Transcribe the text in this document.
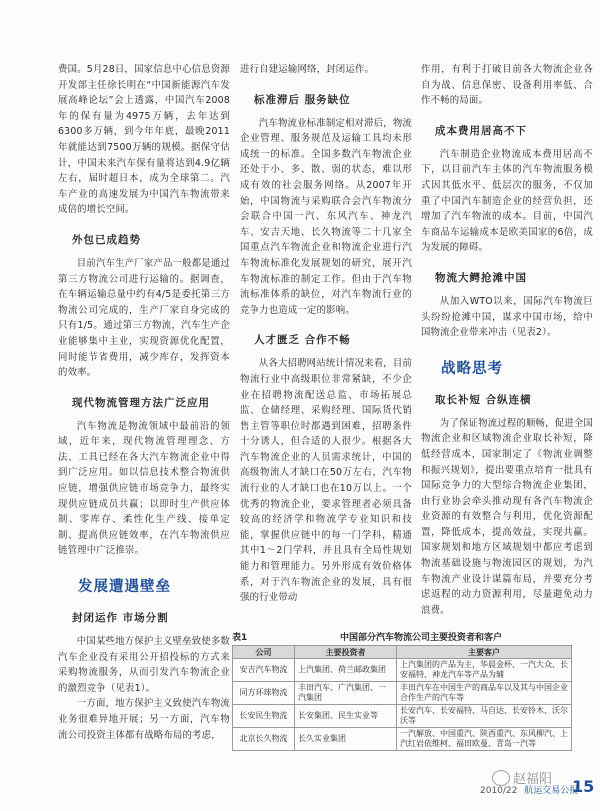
费国。5月28日，国家信息中心信息资源开发部主任徐长明在“中国新能源汽车发展高峰论坛”会上透露，中国汽车2008年的保有量为4975万辆，去年达到6300多万辆，到今年年底，最晚2011年就能达到7500万辆的规模。据保守估计，中国未来汽车保有量将达到4.9亿辆左右，届时超日本，成为全球第二。汽车产业的高速发展为中国汽车物流带来成倍的增长空间。

外包已成趋势

目前汽车生产厂家产品一般都是通过第三方物流公司进行运输的。据调查，在车辆运输总量中约有4/5是委托第三方物流公司完成的，生产厂家自身完成的只有1/5。通过第三方物流，汽车生产企业能够集中主业，实现资源优化配置，同时能节省费用，减少库存，发挥资本的效率。

现代物流管理方法广泛应用

汽车物流是物流领域中最前沿的领域，近年来，现代物流管理理念、方法、工具已经在各大汽车物流企业中得到广泛应用。如以信息技术整合物流供应链，增强供应链市场竞争力，最终实现供应链成员共赢；以即时生产供应体制、零库存、柔性化生产线、接单定制、提高供应链效率，在汽车物流供应链管理中广泛推崇。

发展遭遇壁垒
封闭运作 市场分割

中国某些地方保护主义壁垒致使多数汽车企业没有采用公开招投标的方式来采购物流服务，从而引发汽车物流企业的激烈竞争（见表1）。

一方面，地方保护主义致使汽车物流业务很难异地开展；另一方面，汽车物流公司投资主体都有战略布局的考虑，

进行自建运输网络，封闭运作。

标准滞后 服务缺位

汽车物流业标准制定相对滞后，物流企业管理、服务规范及运输工具均未形成统一的标准。全国多数汽车物流企业还处于小、多、散、弱的状态，难以形成有效的社会服务网络。从2007年开始，中国物流与采购联合会汽车物流分会联合中国一汽、东风汽车、神龙汽车、安吉天地、长久物流等二十几家全国重点汽车物流企业和物流企业进行汽车物流标准化发展规划的研究，展开汽车物流标准的制定工作。但由于汽车物流标准体系的缺位，对汽车物流行业的竞争力也造成一定的影响。

人才匮乏 合作不畅

从各大招聘网站统计情况来看，目前物流行业中高级职位非常紧缺，不少企业在招聘物流配送总监、市场拓展总监、仓储经理、采购经理、国际货代销售主管等职位时都遇到困难，招聘条件十分诱人，但合适的人很少。根据各大汽车物流企业的人员需求统计，中国的高级物流人才缺口在50万左右，汽车物流行业的人才缺口也在10万以上。一个优秀的物流企业，要求管理者必须具备较高的经济学和物流学专业知识和技能，掌握供应链中的每一门学科，精通其中1～2门学科，并且具有全局性规划能力和管理能力。另外形成有效价格体系，对于汽车物流企业的发展，具有很强的行业带动

作用，有利于打破目前各大物流企业各自为战、信息保密、设备利用率低、合作不畅的局面。

成本费用居高不下

汽车制造企业物流成本费用居高不下，以目前汽车主体的汽车物流服务模式因其低水平、低层次的服务，不仅加重了中国汽车制造企业的经营负担，还增加了汽车物流的成本。目前，中国汽车商品车运输成本是欧美国家的6倍，成为发展的障碍。

物流大鳄抢滩中国

从加入WTO以来，国际汽车物流巨头纷纷抢滩中国，谋求中国市场，给中国物流企业带来冲击（见表2）。

战略思考
取长补短 合纵连横

为了保证物流过程的顺畅，促进全国物流企业和区域物流企业取长补短，降低经营成本，国家制定了《物流业调整和振兴规划》，提出要重点培育一批具有国际竞争力的大型综合物流企业集团，由行业协会牵头推动现有各汽车物流企业资源的有效整合与利用，优化资源配置，降低成本，提高效益，实现共赢。国家规划和地方区域规划中都应考虑到物流基础设施与物流园区的规划，为汽车物流产业设计谋篇布局，并要充分考虑返程的动力资源利用，尽量避免动力浪费。

表1	中国部分汽车物流公司主要投资者和客户
公司	主要投资者	主要客户
安吉汽车物流	上汽集团、荷兰邮政集团	上汽集团的产品为主，华晨金杯、一汽大众、长安福特、神龙汽车等产品为辅
同方环球物流	丰田汽车、广汽集团、一汽集团	丰田汽车在中国生产的商品车以及其与中国企业合作生产的汽车等
长安民生物流	长安集团、民生实业等	长安汽车、长安福特、马自达、长安铃木、沃尔沃等
北京长久物流	长久实业集团	一汽解放、中国重汽、陕西重汽、东风柳汽、上汽红岩依维柯、福田欧曼、青岛一汽等
赵福阳
2010/22 航运交易公报
15
